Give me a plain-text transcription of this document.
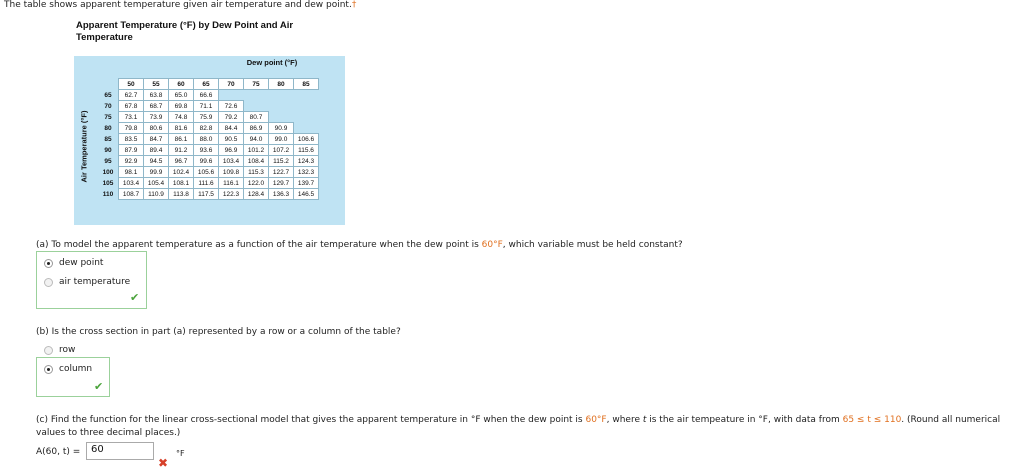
The table shows apparent temperature given air temperature and dew point.†
Apparent Temperature (°F) by Dew Point and Air Temperature
Dew point (°F)
Air Temperature (°F)
	50	55	60	65	70	75	80	85
65	62.7	63.8	65.0	66.6				
70	67.8	68.7	69.8	71.1	72.6			
75	73.1	73.9	74.8	75.9	79.2	80.7		
80	79.8	80.6	81.6	82.8	84.4	86.9	90.9	
85	83.5	84.7	86.1	88.0	90.5	94.0	99.0	106.6
90	87.9	89.4	91.2	93.6	96.9	101.2	107.2	115.6
95	92.9	94.5	96.7	99.6	103.4	108.4	115.2	124.3
100	98.1	99.9	102.4	105.6	109.8	115.3	122.7	132.3
105	103.4	105.4	108.1	111.6	116.1	122.0	129.7	139.7
110	108.7	110.9	113.8	117.5	122.3	128.4	136.3	146.5
(a) To model the apparent temperature as a function of the air temperature when the dew point is 60°F, which variable must be held constant?
dew point
air temperature
✔
(b) Is the cross section in part (a) represented by a row or a column of the table?
row
column
✔
(c) Find the function for the linear cross-sectional model that gives the apparent temperature in °F when the dew point is 60°F, where t is the air tempeature in °F, with data from 65 ≤ t ≤ 110. (Round all numerical values to three decimal places.)
A(60, t) =	60
✖
°F
